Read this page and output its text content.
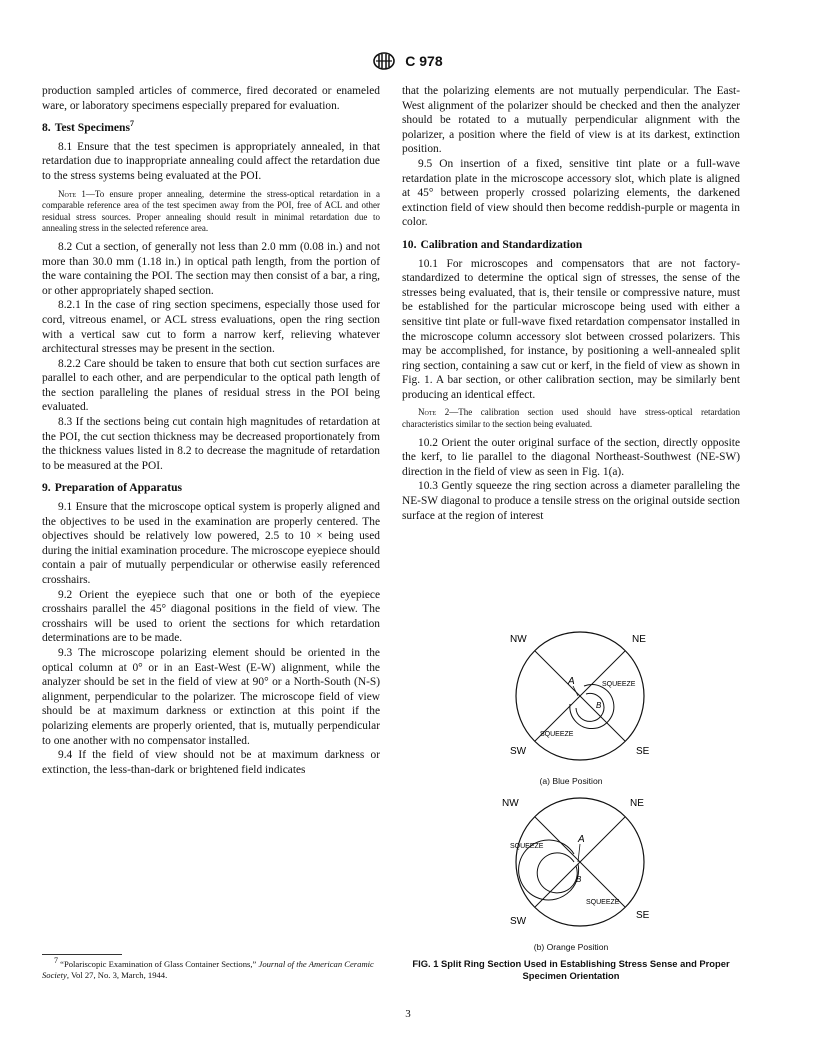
C 978

production sampled articles of commerce, fired decorated or enameled ware, or laboratory specimens especially prepared for evaluation.

8. Test Specimens$^7$

8.1 Ensure that the test specimen is appropriately annealed, in that retardation due to inappropriate annealing could affect the retardation due to the stress systems being evaluated at the POI.

Note 1—To ensure proper annealing, determine the stress-optical retardation in a comparable reference area of the test specimen away from the POI, free of ACL and other residual stress sources. Proper annealing should result in minimal retardation due to annealing stress in the selected reference area.

8.2 Cut a section, of generally not less than 2.0 mm (0.08 in.) and not more than 30.0 mm (1.18 in.) in optical path length, from the portion of the ware containing the POI. The section may then consist of a bar, a ring, or other appropriately shaped section.

8.2.1 In the case of ring section specimens, especially those used for cord, vitreous enamel, or ACL stress evaluations, open the ring section with a vertical saw cut to form a narrow kerf, relieving whatever architectural stresses may be present in the section.

8.2.2 Care should be taken to ensure that both cut section surfaces are parallel to each other, and are perpendicular to the optical path length of the section paralleling the planes of residual stress in the POI being evaluated.

8.3 If the sections being cut contain high magnitudes of retardation at the POI, the cut section thickness may be decreased proportionately from the thickness values listed in 8.2 to decrease the magnitude of retardation to be measured at the POI.

9. Preparation of Apparatus

9.1 Ensure that the microscope optical system is properly aligned and the objectives to be used in the examination are properly centered. The objectives should be relatively low powered, 2.5 to 10 × being used during the initial examination procedure. The microscope eyepiece should contain a pair of mutually perpendicular or otherwise easily referenced crosshairs.

9.2 Orient the eyepiece such that one or both of the eyepiece crosshairs parallel the 45° diagonal positions in the field of view. The crosshairs will be used to orient the sections for which retardation determinations are to be made.

9.3 The microscope polarizing element should be oriented in the optical column at 0° or in an East-West (E-W) alignment, while the analyzer should be set in the field of view at 90° or a North-South (N-S) alignment, perpendicular to the polarizer. The microscope field of view should be at maximum darkness or extinction at this point if the polarizing elements are properly oriented, that is, mutually perpendicular to one another with no compensator installed.

9.4 If the field of view should not be at maximum darkness or extinction, the less-than-dark or brightened field indicates

$^7$ “Polariscopic Examination of Glass Container Sections,” Journal of the American Ceramic Society, Vol 27, No. 3, March, 1944.

that the polarizing elements are not mutually perpendicular. The East-West alignment of the polarizer should be checked and then the analyzer should be rotated to a mutually perpendicular alignment with the polarizer, a position where the field of view is at its darkest, extinction position.

9.5 On insertion of a fixed, sensitive tint plate or a full-wave retardation plate in the microscope accessory slot, which plate is aligned at 45° between properly crossed polarizing elements, the darkened extinction field of view should then become reddish-purple or magenta in color.

10. Calibration and Standardization

10.1 For microscopes and compensators that are not factory-standardized to determine the optical sign of stresses, the sense of the stresses being evaluated, that is, their tensile or compressive nature, must be established for the particular microscope being used with either a sensitive tint plate or full-wave fixed retardation compensator installed in the microscope column accessory slot between crossed polarizers. This may be accomplished, for instance, by positioning a well-annealed split ring section, containing a saw cut or kerf, in the field of view as shown in Fig. 1. A bar section, or other calibration section, may be similarly bent producing an identical effect.

Note 2—The calibration section used should have stress-optical retardation characteristics similar to the section being evaluated.

10.2 Orient the outer original surface of the section, directly opposite the kerf, to lie parallel to the diagonal Northeast-Southwest (NE-SW) direction in the field of view as seen in Fig. 1(a).

10.3 Gently squeeze the ring section across a diameter paralleling the NE-SW diagonal to produce a tensile stress on the original outside section surface at the region of interest

NW	NE
SW	SE
A
B
SQUEEZE
SQUEEZE
(a) Blue Position
NW	NE
SW
SE
A
B
SQUEEZE
SQUEEZE
(b) Orange Position
FIG. 1 Split Ring Section Used in Establishing Stress Sense and Proper Specimen Orientation
3
